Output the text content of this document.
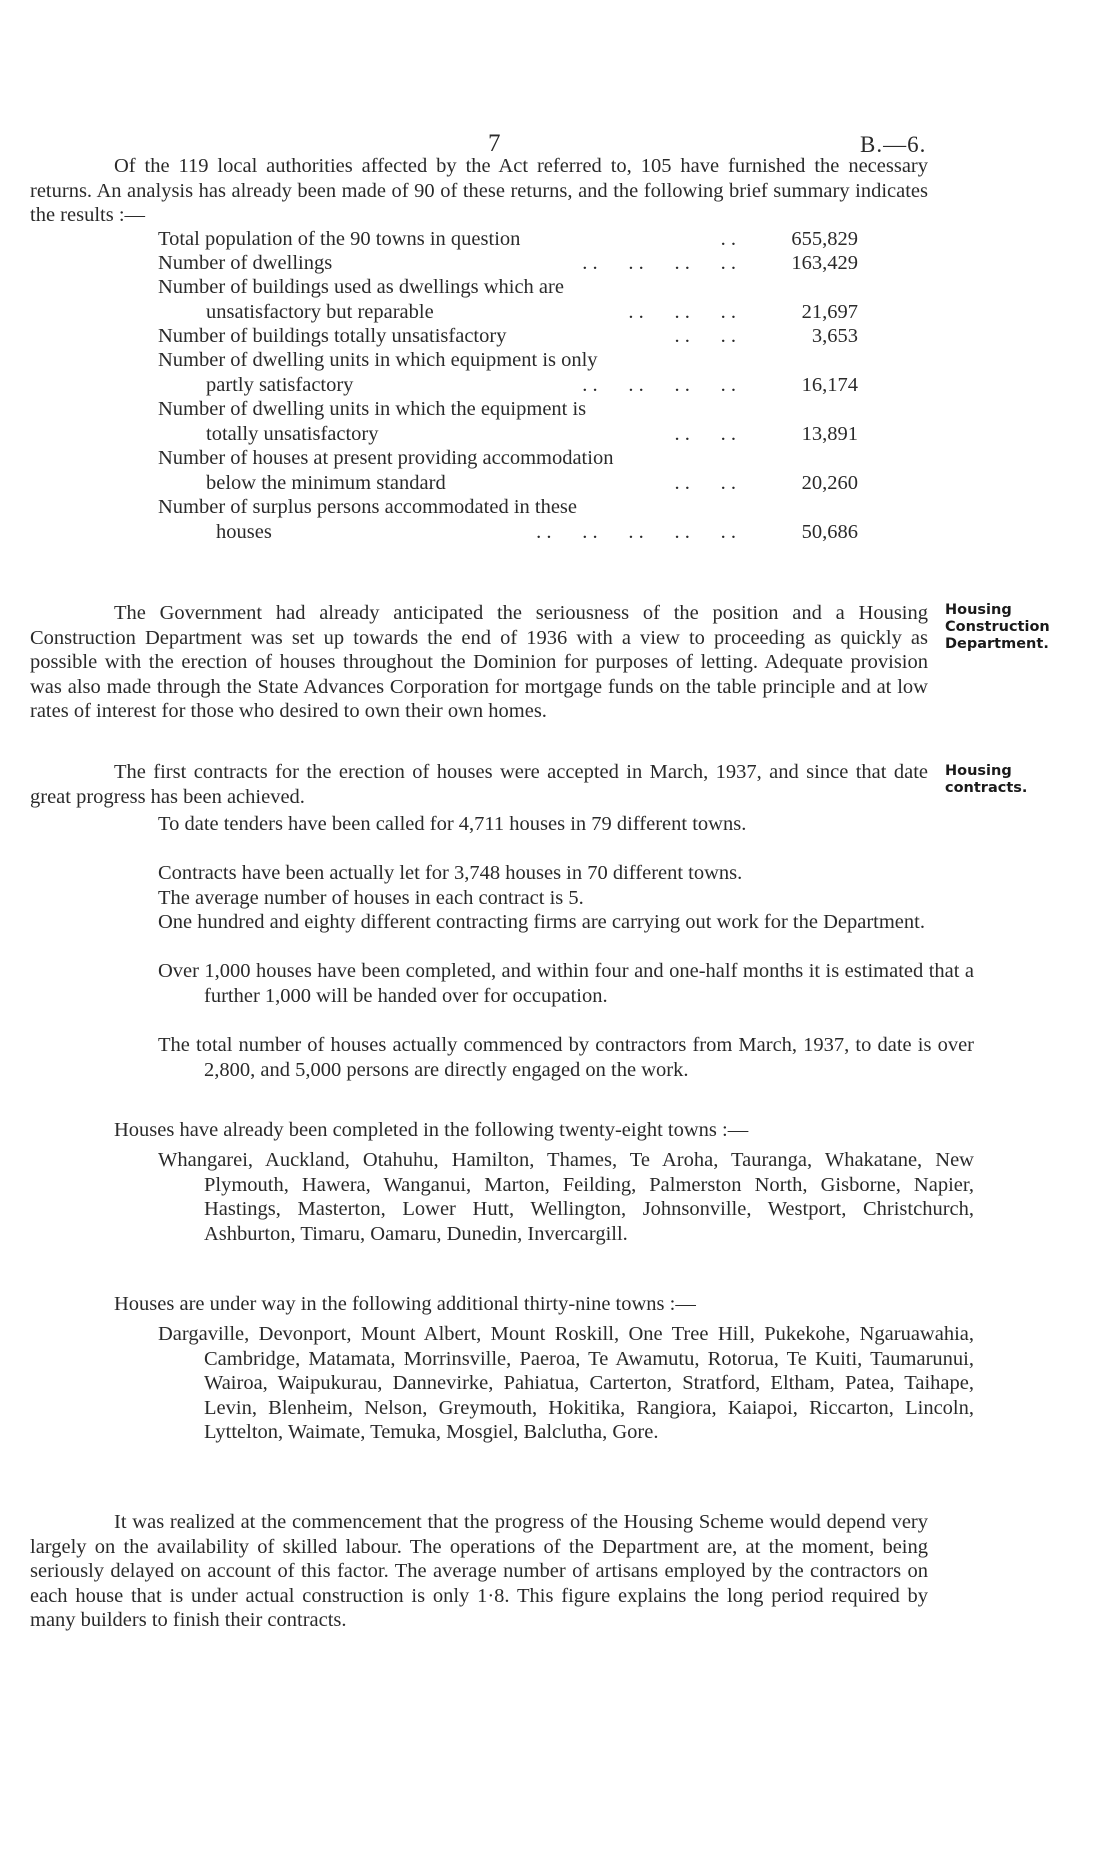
7	B.—6.
Of the 119 local authorities affected by the Act referred to, 105 have furnished the necessary returns. An analysis has already been made of 90 of these returns, and the following brief summary indicates the results :—
Total population of the 90 towns in question	. .	655,829
Number of dwellings	. .      . .      . .      . .	163,429
Number of buildings used as dwellings which are
unsatisfactory but reparable	. .      . .      . .	21,697
Number of buildings totally unsatisfactory	. .      . .	3,653
Number of dwelling units in which equipment is only
partly satisfactory	. .      . .      . .      . .	16,174
Number of dwelling units in which the equipment is
totally unsatisfactory	. .      . .	13,891
Number of houses at present providing accommodation
below the minimum standard	. .      . .	20,260
Number of surplus persons accommodated in these
houses	. .      . .      . .      . .      . .	50,686
The Government had already anticipated the seriousness of the position and a Housing Construction Department was set up towards the end of 1936 with a view to proceeding as quickly as possible with the erection of houses throughout the Dominion for purposes of letting. Adequate provision was also made through the State Advances Corporation for mortgage funds on the table principle and at low rates of interest for those who desired to own their own homes.
Housing
Construction
Department.
The first contracts for the erection of houses were accepted in March, 1937, and since that date great progress has been achieved.
Housing
contracts.
To date tenders have been called for 4,711 houses in 79 different towns.
Contracts have been actually let for 3,748 houses in 70 different towns.
The average number of houses in each contract is 5.
One hundred and eighty different contracting firms are carrying out work for the Department.
Over 1,000 houses have been completed, and within four and one-half months it is estimated that a further 1,000 will be handed over for occupation.
The total number of houses actually commenced by contractors from March, 1937, to date is over 2,800, and 5,000 persons are directly engaged on the work.
Houses have already been completed in the following twenty-eight towns :—
Whangarei, Auckland, Otahuhu, Hamilton, Thames, Te Aroha, Tauranga, Whakatane, New Plymouth, Hawera, Wanganui, Marton, Feilding, Palmerston North, Gisborne, Napier, Hastings, Masterton, Lower Hutt, Wellington, Johnsonville, Westport, Christchurch, Ashburton, Timaru, Oamaru, Dunedin, Invercargill.
Houses are under way in the following additional thirty-nine towns :—
Dargaville, Devonport, Mount Albert, Mount Roskill, One Tree Hill, Pukekohe, Ngaruawahia, Cambridge, Matamata, Morrinsville, Paeroa, Te Awamutu, Rotorua, Te Kuiti, Taumarunui, Wairoa, Waipukurau, Dannevirke, Pahiatua, Carterton, Stratford, Eltham, Patea, Taihape, Levin, Blenheim, Nelson, Greymouth, Hokitika, Rangiora, Kaiapoi, Riccarton, Lincoln, Lyttelton, Waimate, Temuka, Mosgiel, Balclutha, Gore.
It was realized at the commencement that the progress of the Housing Scheme would depend very largely on the availability of skilled labour. The operations of the Department are, at the moment, being seriously delayed on account of this factor. The average number of artisans employed by the contractors on each house that is under actual construction is only 1·8. This figure explains the long period required by many builders to finish their contracts.
